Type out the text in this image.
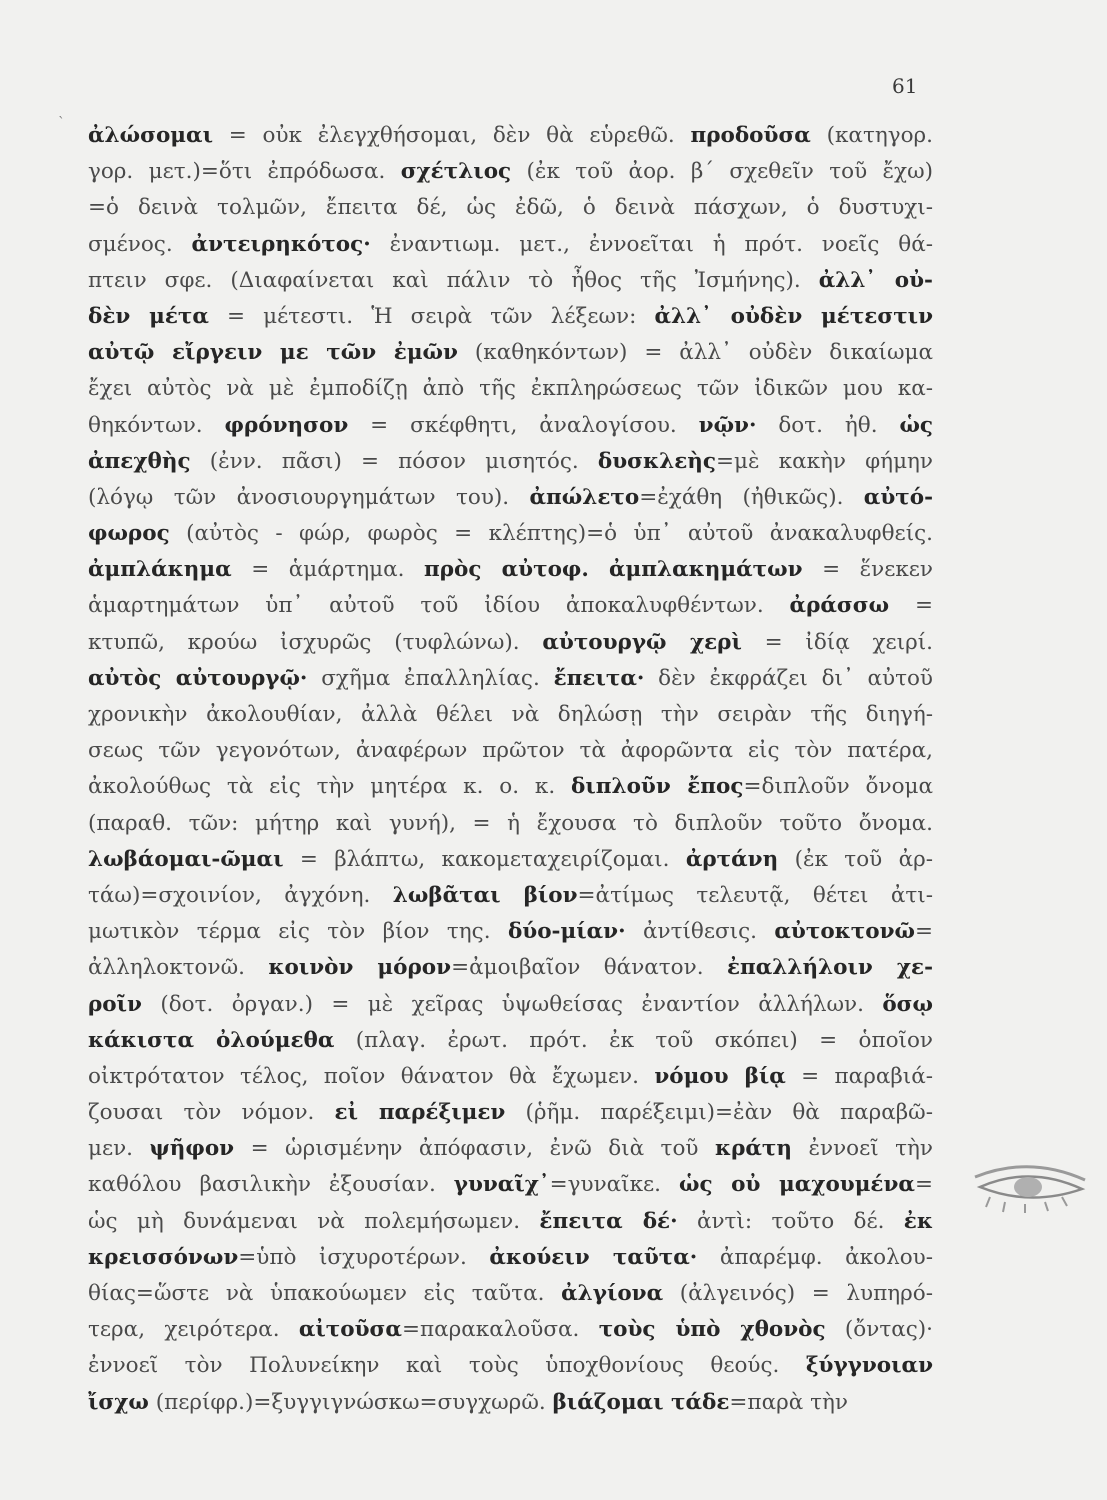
`
61
ἀλώσομαι = οὐκ ἐλεγχθήσομαι, δὲν θὰ εὑρεθῶ. προδοῦσα (κατηγορ.
γορ. μετ.)=ὅτι ἐπρόδωσα. σχέτλιος (ἐκ τοῦ ἀορ. β΄ σχεθεῖν τοῦ ἔχω)
=ὁ δεινὰ τολμῶν, ἔπειτα δέ, ὡς ἐδῶ, ὁ δεινὰ πάσχων, ὁ δυστυχι-
σμένος. ἀντειρηκότος· ἐναντιωμ. μετ., ἐννοεῖται ἡ πρότ. νοεῖς θά-
πτειν σφε. (Διαφαίνεται καὶ πάλιν τὸ ἦθος τῆς Ἰσμήνης). ἀλλ᾽ οὐ-
δὲν μέτα = μέτεστι. Ἡ σειρὰ τῶν λέξεων: ἀλλ᾽ οὐδὲν μέτεστιν
αὐτῷ εἴργειν με τῶν ἐμῶν (καθηκόντων) = ἀλλ᾽ οὐδὲν δικαίωμα
ἔχει αὐτὸς νὰ μὲ ἐμποδίζῃ ἀπὸ τῆς ἐκπληρώσεως τῶν ἰδικῶν μου κα-
θηκόντων. φρόνησον = σκέφθητι, ἀναλογίσου. νῷν· δοτ. ἠθ. ὡς
ἀπεχθὴς (ἐνν. πᾶσι) = πόσον μισητός. δυσκλεὴς=μὲ κακὴν φήμην
(λόγῳ τῶν ἀνοσιουργημάτων του). ἀπώλετο=ἐχάθη (ἠθικῶς). αὐτό-
φωρος (αὐτὸς - φώρ, φωρὸς = κλέπτης)=ὁ ὑπ᾽ αὐτοῦ ἀνακαλυφθείς.
ἀμπλάκημα = ἁμάρτημα. πρὸς αὐτοφ. ἀμπλακημάτων = ἕνεκεν
ἁμαρτημάτων ὑπ᾽ αὐτοῦ τοῦ ἰδίου ἀποκαλυφθέντων. ἀράσσω =
κτυπῶ, κρούω ἰσχυρῶς (τυφλώνω). αὐτουργῷ χερὶ = ἰδίᾳ χειρί.
αὐτὸς αὐτουργῷ· σχῆμα ἐπαλληλίας. ἔπειτα· δὲν ἐκφράζει δι᾽ αὐτοῦ
χρονικὴν ἀκολουθίαν, ἀλλὰ θέλει νὰ δηλώσῃ τὴν σειρὰν τῆς διηγή-
σεως τῶν γεγονότων, ἀναφέρων πρῶτον τὰ ἀφορῶντα εἰς τὸν πατέρα,
ἀκολούθως τὰ εἰς τὴν μητέρα κ. ο. κ. διπλοῦν ἔπος=διπλοῦν ὄνομα
(παραθ. τῶν: μήτηρ καὶ γυνή), = ἡ ἔχουσα τὸ διπλοῦν τοῦτο ὄνομα.
λωβάομαι-ῶμαι = βλάπτω, κακομεταχειρίζομαι. ἀρτάνη (ἐκ τοῦ ἀρ-
τάω)=σχοινίον, ἀγχόνη. λωβᾶται βίον=ἀτίμως τελευτᾷ, θέτει ἀτι-
μωτικὸν τέρμα εἰς τὸν βίον της. δύο-μίαν· ἀντίθεσις. αὐτοκτονῶ=
ἀλληλοκτονῶ. κοινὸν μόρον=ἀμοιβαῖον θάνατον. ἐπαλλήλοιν χε-
ροῖν (δοτ. ὀργαν.) = μὲ χεῖρας ὑψωθείσας ἐναντίον ἀλλήλων. ὅσῳ
κάκιστα ὀλούμεθα (πλαγ. ἐρωτ. πρότ. ἐκ τοῦ σκόπει) = ὁποῖον
οἰκτρότατον τέλος, ποῖον θάνατον θὰ ἔχωμεν. νόμου βίᾳ = παραβιά-
ζουσαι τὸν νόμον. εἰ παρέξιμεν (ῥῆμ. παρέξειμι)=ἐὰν θὰ παραβῶ-
μεν. ψῆφον = ὡρισμένην ἀπόφασιν, ἐνῶ διὰ τοῦ κράτη ἐννοεῖ τὴν
καθόλου βασιλικὴν ἐξουσίαν. γυναῖχ᾽=γυναῖκε. ὡς οὐ μαχουμένα=
ὡς μὴ δυνάμεναι νὰ πολεμήσωμεν. ἔπειτα δέ· ἀντὶ: τοῦτο δέ. ἐκ
κρεισσόνων=ὑπὸ ἰσχυροτέρων. ἀκούειν ταῦτα· ἀπαρέμφ. ἀκολου-
θίας=ὥστε νὰ ὑπακούωμεν εἰς ταῦτα. ἀλγίονα (ἀλγεινός) = λυπηρό-
τερα, χειρότερα. αἰτοῦσα=παρακαλοῦσα. τοὺς ὑπὸ χθονὸς (ὄντας)·
ἐννοεῖ τὸν Πολυνείκην καὶ τοὺς ὑποχθονίους θεούς. ξύγγνοιαν
ἴσχω (περίφρ.)=ξυγγιγνώσκω=συγχωρῶ. βιάζομαι τάδε=παρὰ τὴν
